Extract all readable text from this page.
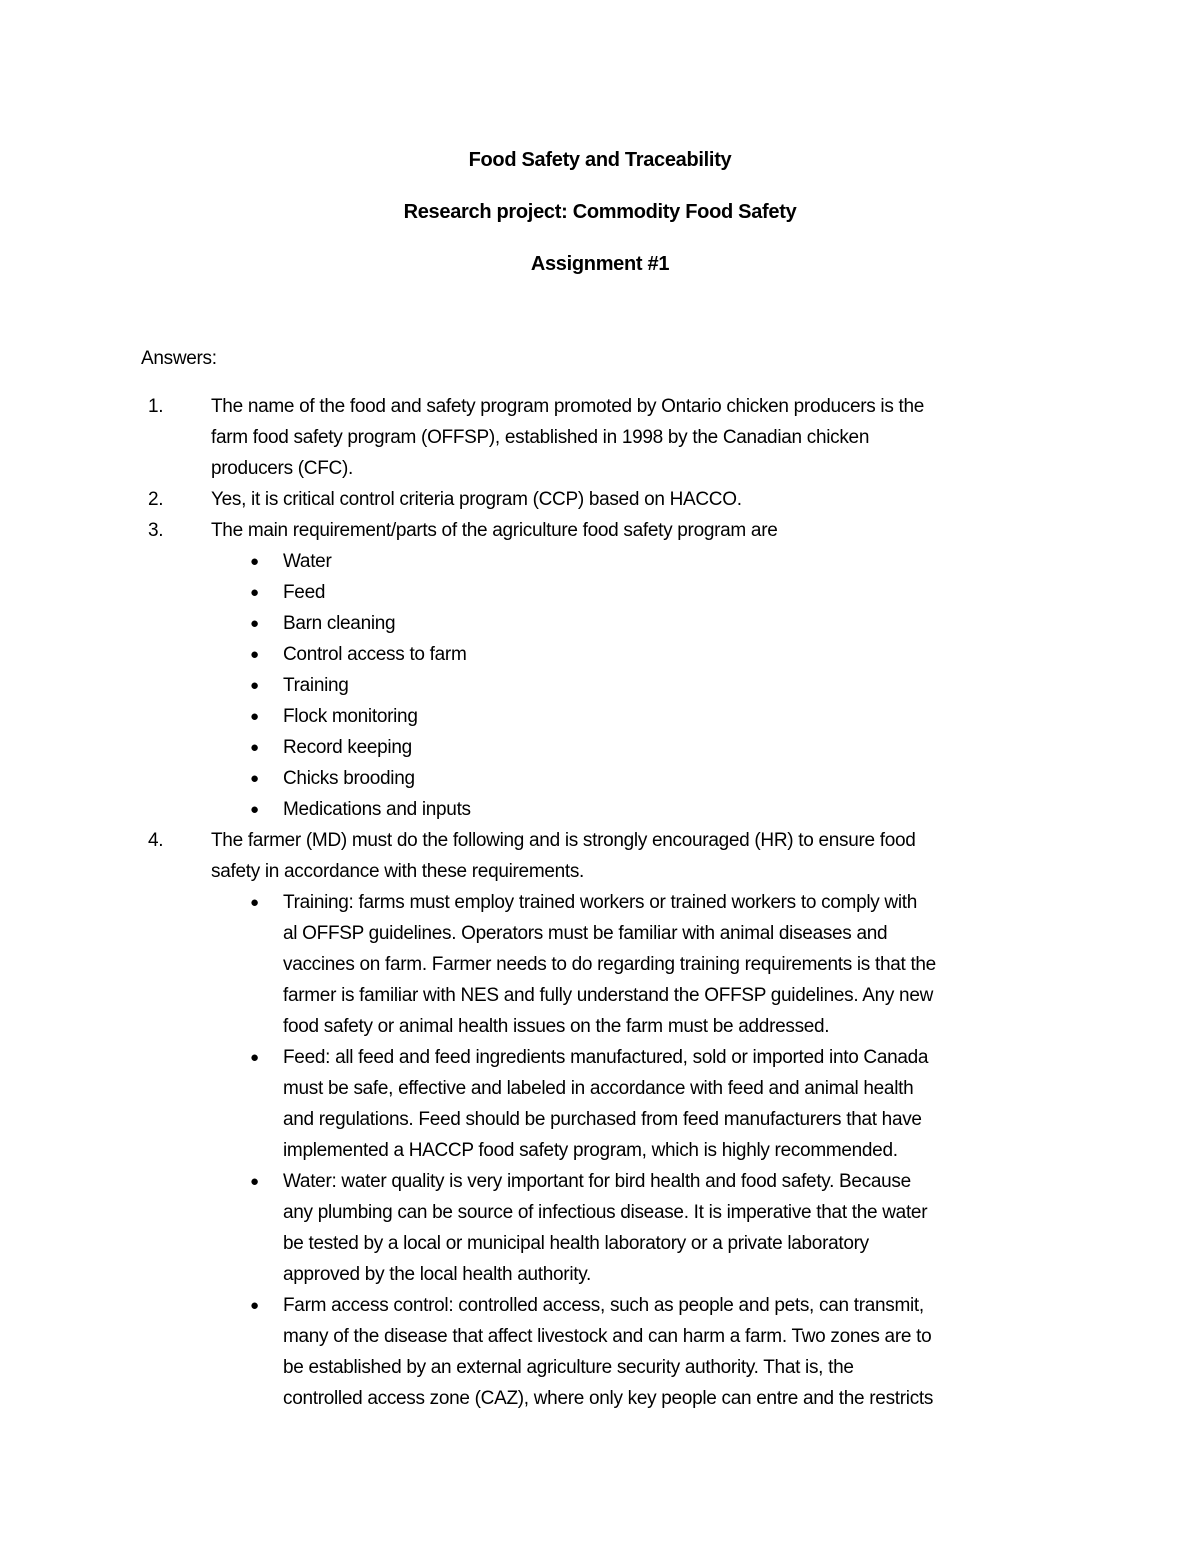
Food Safety and Traceability
Research project: Commodity Food Safety
Assignment #1
Answers:
1.	The name of the food and safety program promoted by Ontario chicken producers is the
farm food safety program (OFFSP), established in 1998 by the Canadian chicken
producers (CFC).
2.	Yes, it is critical control criteria program (CCP) based on HACCO.
3.	The main requirement/parts of the agriculture food safety program are
● Water
● Feed
● Barn cleaning
● Control access to farm
● Training
● Flock monitoring
● Record keeping
● Chicks brooding
● Medications and inputs
4.	The farmer (MD) must do the following and is strongly encouraged (HR) to ensure food
safety in accordance with these requirements.
● Training: farms must employ trained workers or trained workers to comply with
al OFFSP guidelines. Operators must be familiar with animal diseases and
vaccines on farm. Farmer needs to do regarding training requirements is that the
farmer is familiar with NES and fully understand the OFFSP guidelines. Any new
food safety or animal health issues on the farm must be addressed.
● Feed: all feed and feed ingredients manufactured, sold or imported into Canada
must be safe, effective and labeled in accordance with feed and animal health
and regulations. Feed should be purchased from feed manufacturers that have
implemented a HACCP food safety program, which is highly recommended.
● Water: water quality is very important for bird health and food safety. Because
any plumbing can be source of infectious disease. It is imperative that the water
be tested by a local or municipal health laboratory or a private laboratory
approved by the local health authority.
● Farm access control: controlled access, such as people and pets, can transmit,
many of the disease that affect livestock and can harm a farm. Two zones are to
be established by an external agriculture security authority. That is, the
controlled access zone (CAZ), where only key people can entre and the restricts
